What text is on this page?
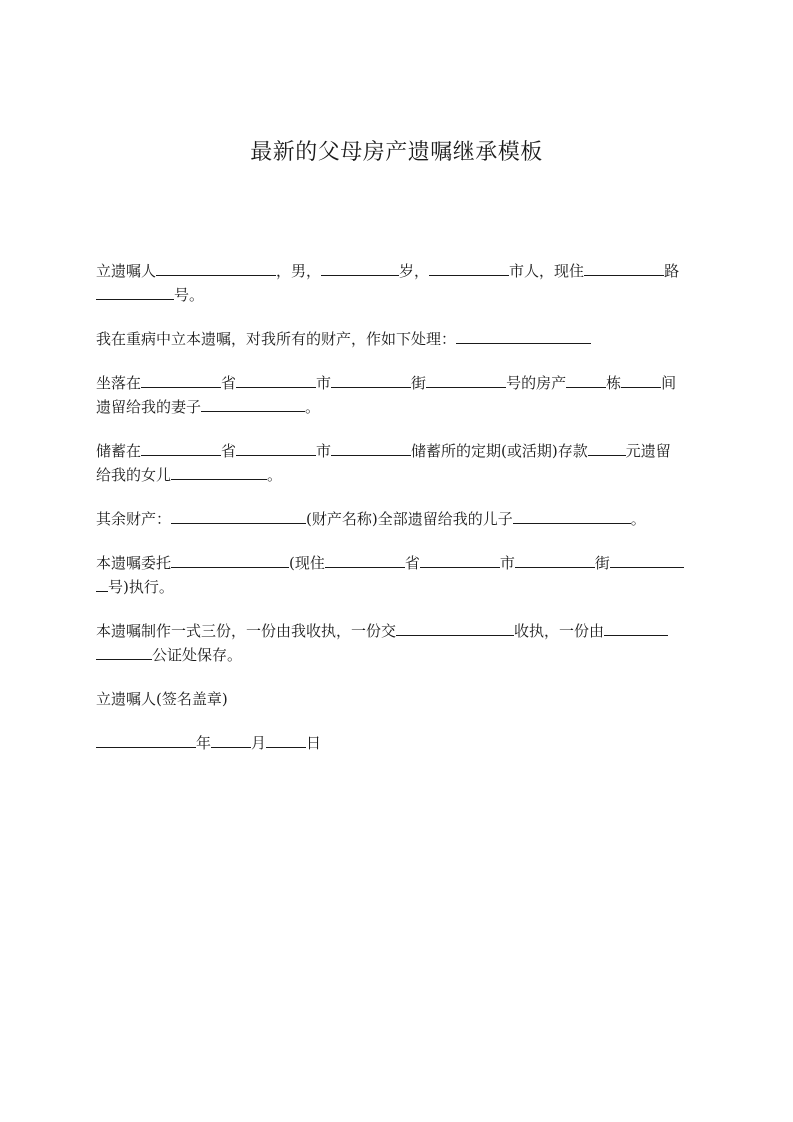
最新的父母房产遗嘱继承模板

立遗嘱人	，男，	岁，	市人，现住	路
号。

我在重病中立本遗嘱，对我所有的财产，作如下处理：

坐落在	省	市	街	号的房产	栋	间
遗留给我的妻子	。

储蓄在	省	市	储蓄所的定期(或活期)存款	元遗留
给我的女儿	。

其余财产：	(财产名称)全部遗留给我的儿子	。

本遗嘱委托	(现住	省	市	街
号)执行。

本遗嘱制作一式三份，一份由我收执，一份交	收执，一份由
公证处保存。

立遗嘱人(签名盖章)

年	月	日
